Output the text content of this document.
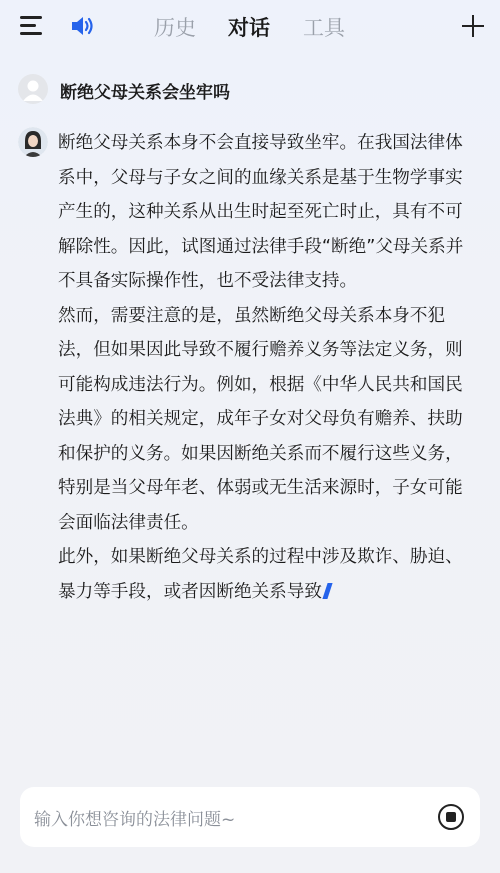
历史 对话 工具
断绝父母关系会坐牢吗

断绝父母关系本身不会直接导致坐牢。在我国法律体系中，父母与子女之间的血缘关系是基于生物学事实产生的，这种关系从出生时起至死亡时止，具有不可解除性。因此，试图通过法律手段“断绝”父母关系并不具备实际操作性，也不受法律支持。

然而，需要注意的是，虽然断绝父母关系本身不犯法，但如果因此导致不履行赡养义务等法定义务，则可能构成违法行为。例如，根据《中华人民共和国民法典》的相关规定，成年子女对父母负有赡养、扶助和保护的义务。如果因断绝关系而不履行这些义务，特别是当父母年老、体弱或无生活来源时，子女可能会面临法律责任。

此外，如果断绝父母关系的过程中涉及欺诈、胁迫、暴力等手段，或者因断绝关系导致

输入你想咨询的法律问题~
